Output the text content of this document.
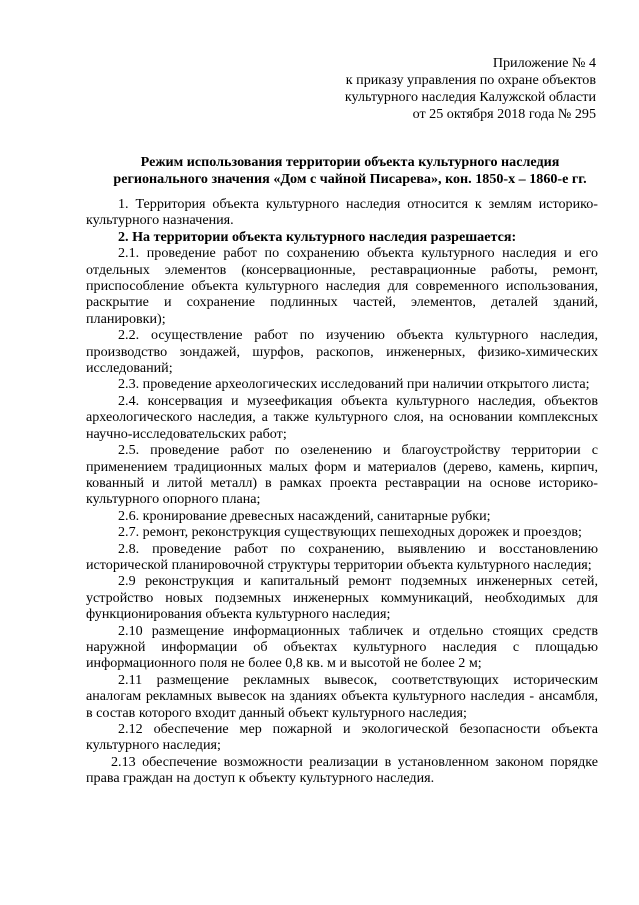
Приложение № 4
к приказу управления по охране объектов
культурного наследия Калужской области
от 25 октября 2018 года № 295
Режим использования территории объекта культурного наследия
регионального значения «Дом с чайной Писарева», кон. 1850-х – 1860-е гг.

1. Территория объекта культурного наследия относится к землям историко-культурного назначения.

2. На территории объекта культурного наследия разрешается:

2.1. проведение работ по сохранению объекта культурного наследия и его отдельных элементов (консервационные, реставрационные работы, ремонт, приспособление объекта культурного наследия для современного использования, раскрытие и сохранение подлинных частей, элементов, деталей зданий, планировки);

2.2. осуществление работ по изучению объекта культурного наследия, производство зондажей, шурфов, раскопов, инженерных, физико-химических исследований;

2.3. проведение археологических исследований при наличии открытого листа;

2.4. консервация и музеефикация объекта культурного наследия, объектов археологического наследия, а также культурного слоя, на основании комплексных научно-исследовательских работ;

2.5. проведение работ по озеленению и благоустройству территории с применением традиционных малых форм и материалов (дерево, камень, кирпич, кованный и литой металл) в рамках проекта реставрации на основе историко-культурного опорного плана;

2.6. кронирование древесных насаждений, санитарные рубки;

2.7. ремонт, реконструкция существующих пешеходных дорожек и проездов;

2.8. проведение работ по сохранению, выявлению и восстановлению исторической планировочной структуры территории объекта культурного наследия;

2.9 реконструкция и капитальный ремонт подземных инженерных сетей, устройство новых подземных инженерных коммуникаций, необходимых для функционирования объекта культурного наследия;

2.10 размещение информационных табличек и отдельно стоящих средств наружной информации об объектах культурного наследия с площадью информационного поля не более 0,8 кв. м и высотой не более 2 м;

2.11 размещение рекламных вывесок, соответствующих историческим аналогам рекламных вывесок на зданиях объекта культурного наследия - ансамбля, в состав которого входит данный объект культурного наследия;

2.12 обеспечение мер пожарной и экологической безопасности объекта культурного наследия;

2.13 обеспечение возможности реализации в установленном законом порядке права граждан на доступ к объекту культурного наследия.
